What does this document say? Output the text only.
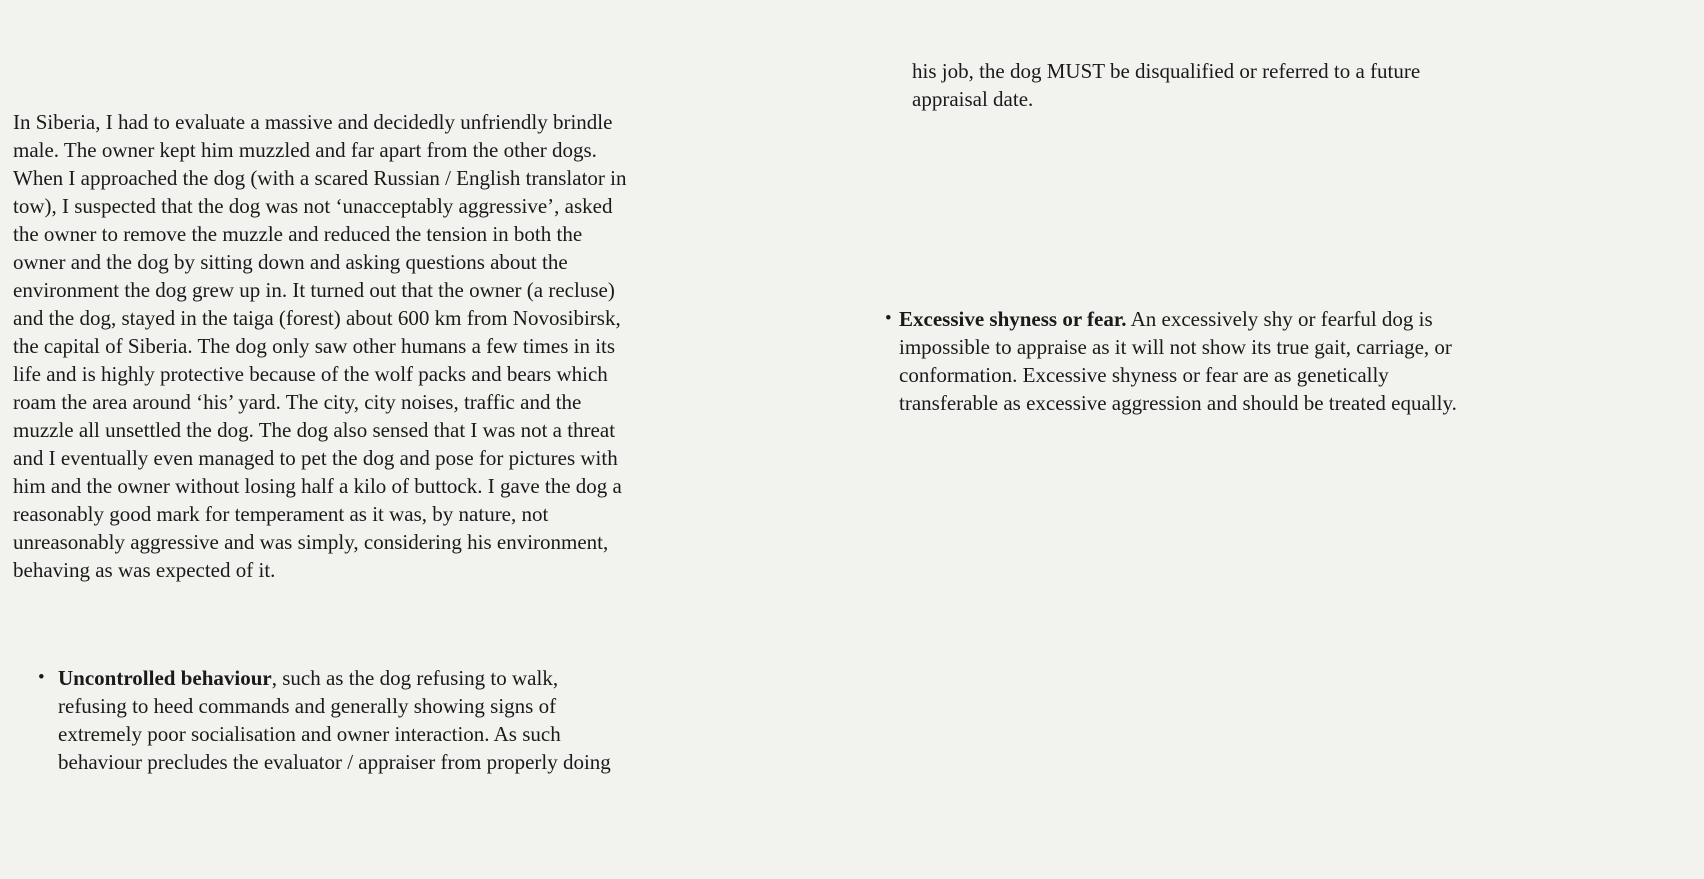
In Siberia, I had to evaluate a massive and decidedly unfriendly brindle
male. The owner kept him muzzled and far apart from the other dogs.
When I approached the dog (with a scared Russian / English translator in
tow), I suspected that the dog was not ‘unacceptably aggressive’, asked
the owner to remove the muzzle and reduced the tension in both the
owner and the dog by sitting down and asking questions about the
environment the dog grew up in. It turned out that the owner (a recluse)
and the dog, stayed in the taiga (forest) about 600 km from Novosibirsk,
the capital of Siberia. The dog only saw other humans a few times in its
life and is highly protective because of the wolf packs and bears which
roam the area around ‘his’ yard. The city, city noises, traffic and the
muzzle all unsettled the dog. The dog also sensed that I was not a threat
and I eventually even managed to pet the dog and pose for pictures with
him and the owner without losing half a kilo of buttock. I gave the dog a
reasonably good mark for temperament as it was, by nature, not
unreasonably aggressive and was simply, considering his environment,
behaving as was expected of it.
• Uncontrolled behaviour, such as the dog refusing to walk,
refusing to heed commands and generally showing signs of
extremely poor socialisation and owner interaction. As such
behaviour precludes the evaluator / appraiser from properly doing
his job, the dog MUST be disqualified or referred to a future
appraisal date.
• Excessive shyness or fear. An excessively shy or fearful dog is
impossible to appraise as it will not show its true gait, carriage, or
conformation. Excessive shyness or fear are as genetically
transferable as excessive aggression and should be treated equally.
